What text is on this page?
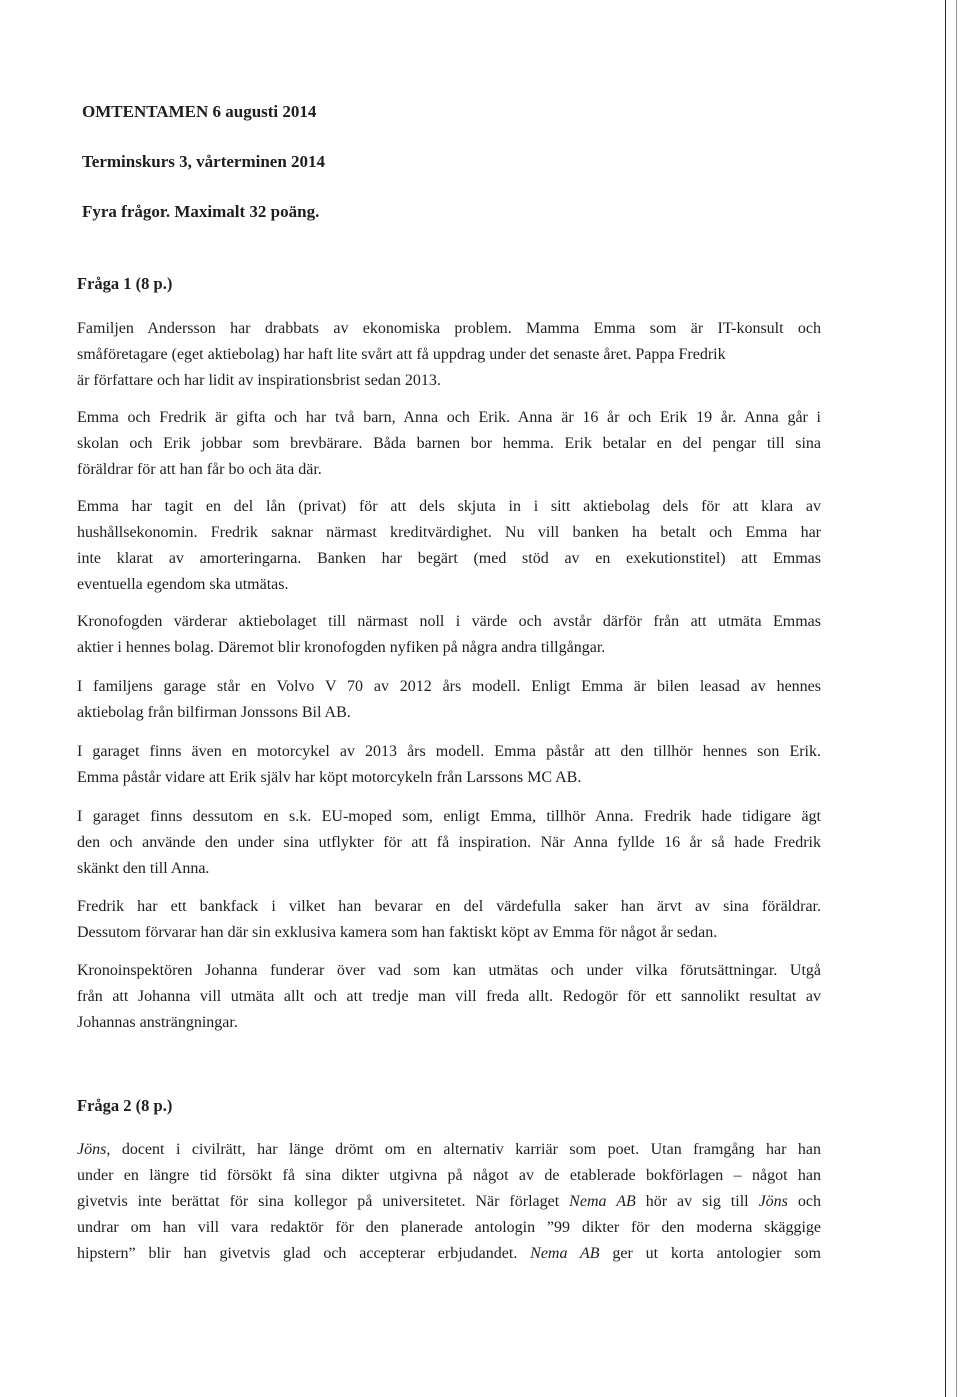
OMTENTAMEN 6 augusti 2014
Terminskurs 3, vårterminen 2014
Fyra frågor. Maximalt 32 poäng.
Fråga 1 (8 p.)
Familjen Andersson har drabbats av ekonomiska problem. Mamma Emma som är IT-konsult och
småföretagare (eget aktiebolag) har haft lite svårt att få uppdrag under det senaste året. Pappa Fredrik
är författare och har lidit av inspirationsbrist sedan 2013.
Emma och Fredrik är gifta och har två barn, Anna och Erik. Anna är 16 år och Erik 19 år. Anna går i
skolan och Erik jobbar som brevbärare. Båda barnen bor hemma. Erik betalar en del pengar till sina
föräldrar för att han får bo och äta där.
Emma har tagit en del lån (privat) för att dels skjuta in i sitt aktiebolag dels för att klara av
hushållsekonomin. Fredrik saknar närmast kreditvärdighet. Nu vill banken ha betalt och Emma har
inte klarat av amorteringarna. Banken har begärt (med stöd av en exekutionstitel) att Emmas
eventuella egendom ska utmätas.
Kronofogden värderar aktiebolaget till närmast noll i värde och avstår därför från att utmäta Emmas
aktier i hennes bolag. Däremot blir kronofogden nyfiken på några andra tillgångar.
I familjens garage står en Volvo V 70 av 2012 års modell. Enligt Emma är bilen leasad av hennes
aktiebolag från bilfirman Jonssons Bil AB.
I garaget finns även en motorcykel av 2013 års modell. Emma påstår att den tillhör hennes son Erik.
Emma påstår vidare att Erik själv har köpt motorcykeln från Larssons MC AB.
I garaget finns dessutom en s.k. EU-moped som, enligt Emma, tillhör Anna. Fredrik hade tidigare ägt
den och använde den under sina utflykter för att få inspiration. När Anna fyllde 16 år så hade Fredrik
skänkt den till Anna.
Fredrik har ett bankfack i vilket han bevarar en del värdefulla saker han ärvt av sina föräldrar.
Dessutom förvarar han där sin exklusiva kamera som han faktiskt köpt av Emma för något år sedan.
Kronoinspektören Johanna funderar över vad som kan utmätas och under vilka förutsättningar. Utgå
från att Johanna vill utmäta allt och att tredje man vill freda allt. Redogör för ett sannolikt resultat av
Johannas ansträngningar.
Fråga 2 (8 p.)
Jöns, docent i civilrätt, har länge drömt om en alternativ karriär som poet. Utan framgång har han
under en längre tid försökt få sina dikter utgivna på något av de etablerade bokförlagen – något han
givetvis inte berättat för sina kollegor på universitetet. När förlaget Nema AB hör av sig till Jöns och
undrar om han vill vara redaktör för den planerade antologin ”99 dikter för den moderna skäggige
hipstern” blir han givetvis glad och accepterar erbjudandet. Nema AB ger ut korta antologier som
